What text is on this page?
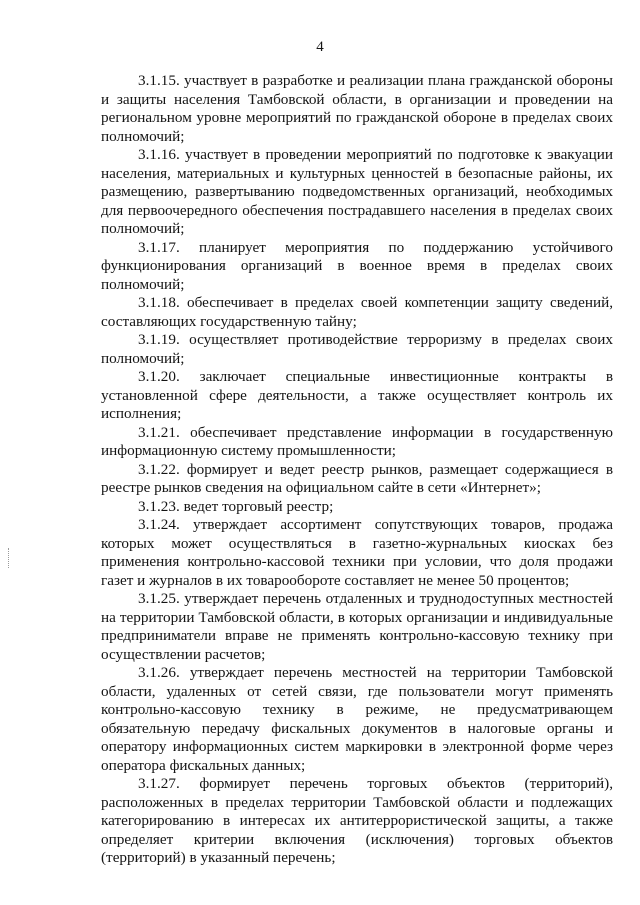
4

3.1.15. участвует в разработке и реализации плана гражданской обороны и защиты населения Тамбовской области, в организации и проведении на региональном уровне мероприятий по гражданской обороне в пределах своих полномочий;

3.1.16. участвует в проведении мероприятий по подготовке к эвакуации населения, материальных и культурных ценностей в безопасные районы, их размещению, развертыванию подведомственных организаций, необходимых для первоочередного обеспечения пострадавшего населения в пределах своих полномочий;

3.1.17. планирует мероприятия по поддержанию устойчивого функционирования организаций в военное время в пределах своих полномочий;

3.1.18. обеспечивает в пределах своей компетенции защиту сведений, составляющих государственную тайну;

3.1.19. осуществляет противодействие терроризму в пределах своих полномочий;

3.1.20. заключает специальные инвестиционные контракты в установленной сфере деятельности, а также осуществляет контроль их исполнения;

3.1.21. обеспечивает представление информации в государственную информационную систему промышленности;

3.1.22. формирует и ведет реестр рынков, размещает содержащиеся в реестре рынков сведения на официальном сайте в сети «Интернет»;

3.1.23. ведет торговый реестр;

3.1.24. утверждает ассортимент сопутствующих товаров, продажа которых может осуществляться в газетно-журнальных киосках без применения контрольно-кассовой техники при условии, что доля продажи газет и журналов в их товарообороте составляет не менее 50 процентов;

3.1.25. утверждает перечень отдаленных и труднодоступных местностей на территории Тамбовской области, в которых организации и индивидуальные предприниматели вправе не применять контрольно-кассовую технику при осуществлении расчетов;

3.1.26. утверждает перечень местностей на территории Тамбовской области, удаленных от сетей связи, где пользователи могут применять контрольно-кассовую технику в режиме, не предусматривающем обязательную передачу фискальных документов в налоговые органы и оператору информационных систем маркировки в электронной форме через оператора фискальных данных;

3.1.27. формирует перечень торговых объектов (территорий), расположенных в пределах территории Тамбовской области и подлежащих категорированию в интересах их антитеррористической защиты, а также определяет критерии включения (исключения) торговых объектов (территорий) в указанный перечень;
